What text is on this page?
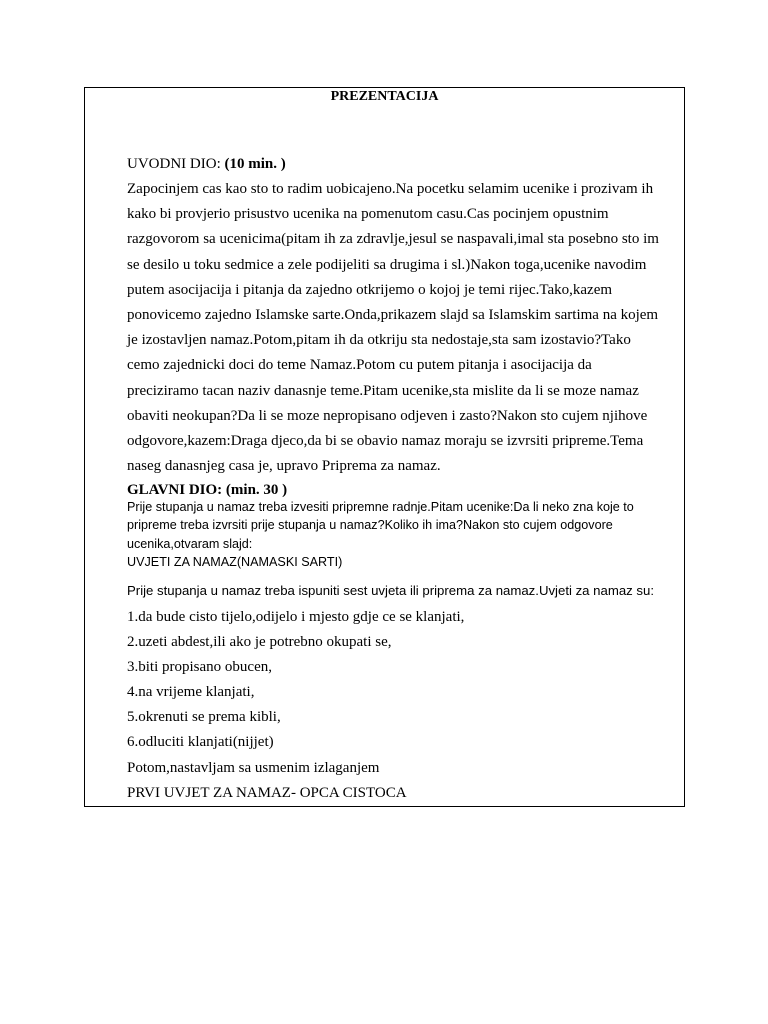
PREZENTACIJA
UVODNI DIO: (10 min. )
Zapocinjem cas kao sto to radim uobicajeno.Na pocetku selamim ucenike i prozivam ih
kako bi provjerio prisustvo ucenika na pomenutom casu.Cas pocinjem opustnim
razgovorom sa ucenicima(pitam ih za zdravlje,jesul se naspavali,imal sta posebno sto im
se desilo u toku sedmice a zele podijeliti sa drugima i sl.)Nakon toga,ucenike navodim
putem asocijacija i pitanja da zajedno otkrijemo o kojoj je temi rijec.Tako,kazem
ponovicemo zajedno Islamske sarte.Onda,prikazem slajd sa Islamskim sartima na kojem
je izostavljen namaz.Potom,pitam ih da otkriju sta nedostaje,sta sam izostavio?Tako
cemo zajednicki doci do teme Namaz.Potom cu putem pitanja i asocijacija da
preciziramo tacan naziv danasnje teme.Pitam ucenike,sta mislite da li se moze namaz
obaviti neokupan?Da li se moze nepropisano odjeven i zasto?Nakon sto cujem njihove
odgovore,kazem:Draga djeco,da bi se obavio namaz moraju se izvrsiti pripreme.Tema
naseg danasnjeg casa je, upravo Priprema za namaz.
GLAVNI DIO: (min. 30 )
Prije stupanja u namaz treba izvesiti pripremne radnje.Pitam ucenike:Da li neko zna koje to
pripreme treba izvrsiti prije stupanja u namaz?Koliko ih ima?Nakon sto cujem odgovore
ucenika,otvaram slajd:
UVJETI ZA NAMAZ(NAMASKI SARTI)
Prije stupanja u namaz treba ispuniti sest uvjeta ili priprema za namaz.Uvjeti za namaz su:
1.da bude cisto tijelo,odijelo i mjesto gdje ce se klanjati,
2.uzeti abdest,ili ako je potrebno okupati se,
3.biti propisano obucen,
4.na vrijeme klanjati,
5.okrenuti se prema kibli,
6.odluciti klanjati(nijjet)
Potom,nastavljam sa usmenim izlaganjem
PRVI UVJET ZA NAMAZ- OPCA CISTOCA
